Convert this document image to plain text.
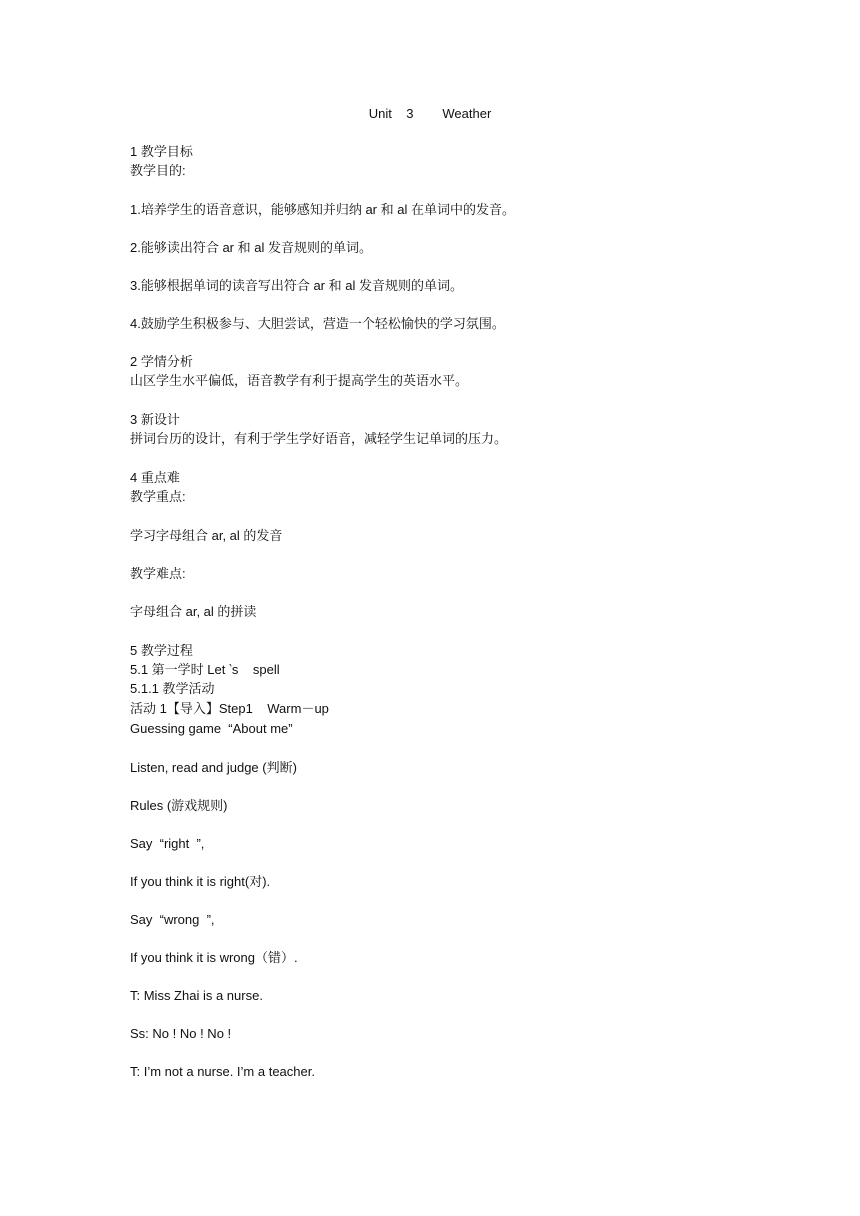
Unit    3        Weather
1 教学目标
教学目的:
1.培养学生的语音意识，能够感知并归纳 ar 和 al 在单词中的发音。
2.能够读出符合 ar 和 al 发音规则的单词。
3.能够根据单词的读音写出符合 ar 和 al 发音规则的单词。
4.鼓励学生积极参与、大胆尝试，营造一个轻松愉快的学习氛围。
2 学情分析
山区学生水平偏低，语音教学有利于提高学生的英语水平。
3 新设计
拼词台历的设计，有利于学生学好语音，减轻学生记单词的压力。
4 重点难
教学重点:
学习字母组合 ar, al 的发音
教学难点:
字母组合 ar, al 的拼读
5 教学过程
5.1 第一学时 Let ‵s    spell
5.1.1 教学活动
活动 1【导入】Step1    Warm－up
Guessing game  “About me”
Listen, read and judge (判断)
Rules (游戏规则)
Say  “right  ”,
If you think it is right(对).
Say  “wrong  ”,
If you think it is wrong（错）.
T: Miss Zhai is a nurse.
Ss: No ! No ! No !
T: I’m not a nurse. I’m a teacher.
